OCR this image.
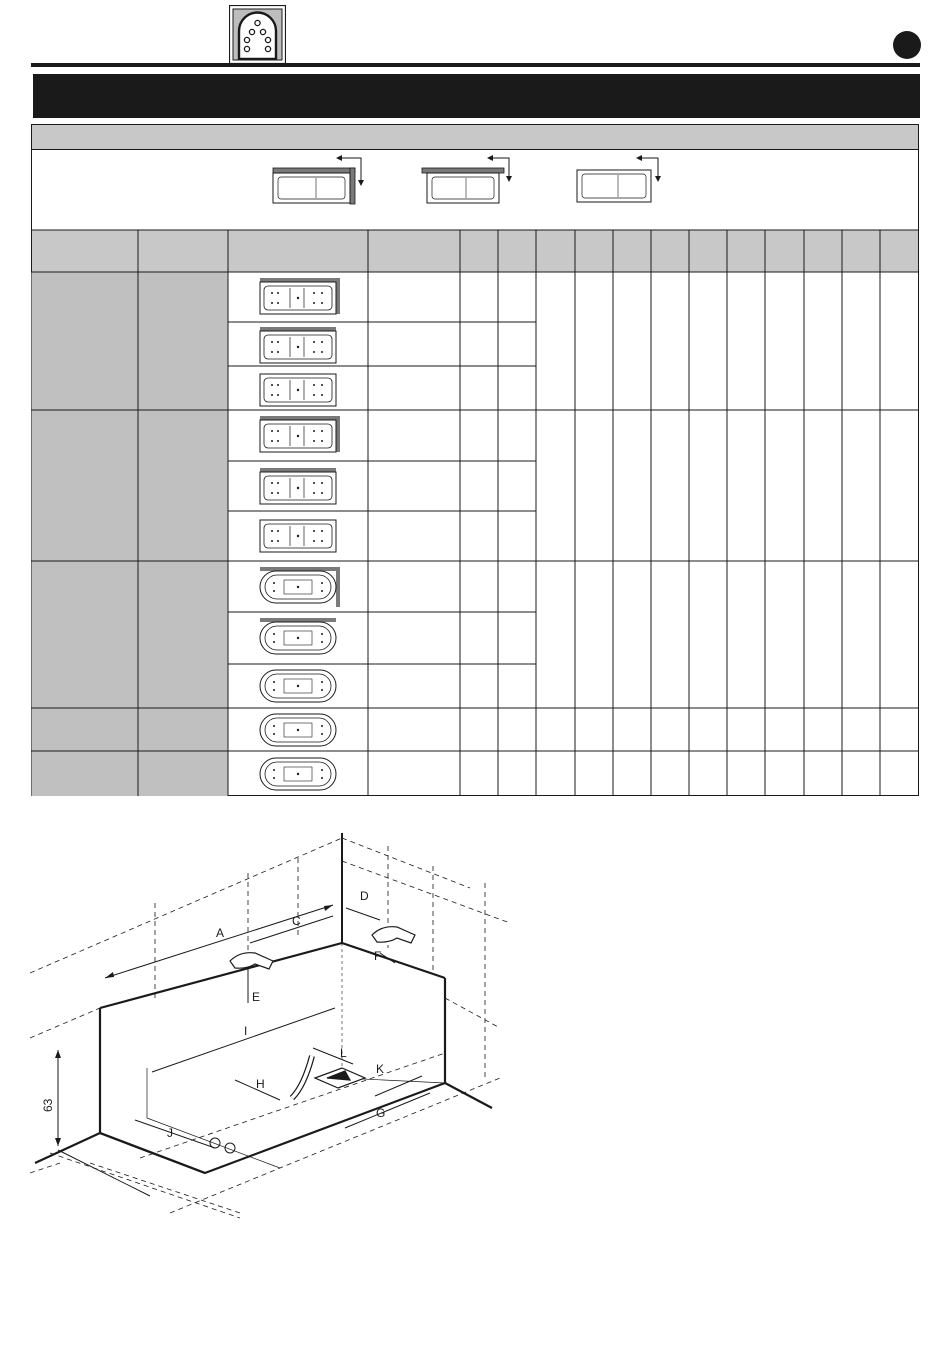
A
C
D
E
F
G
H
I
J
K
L
63
